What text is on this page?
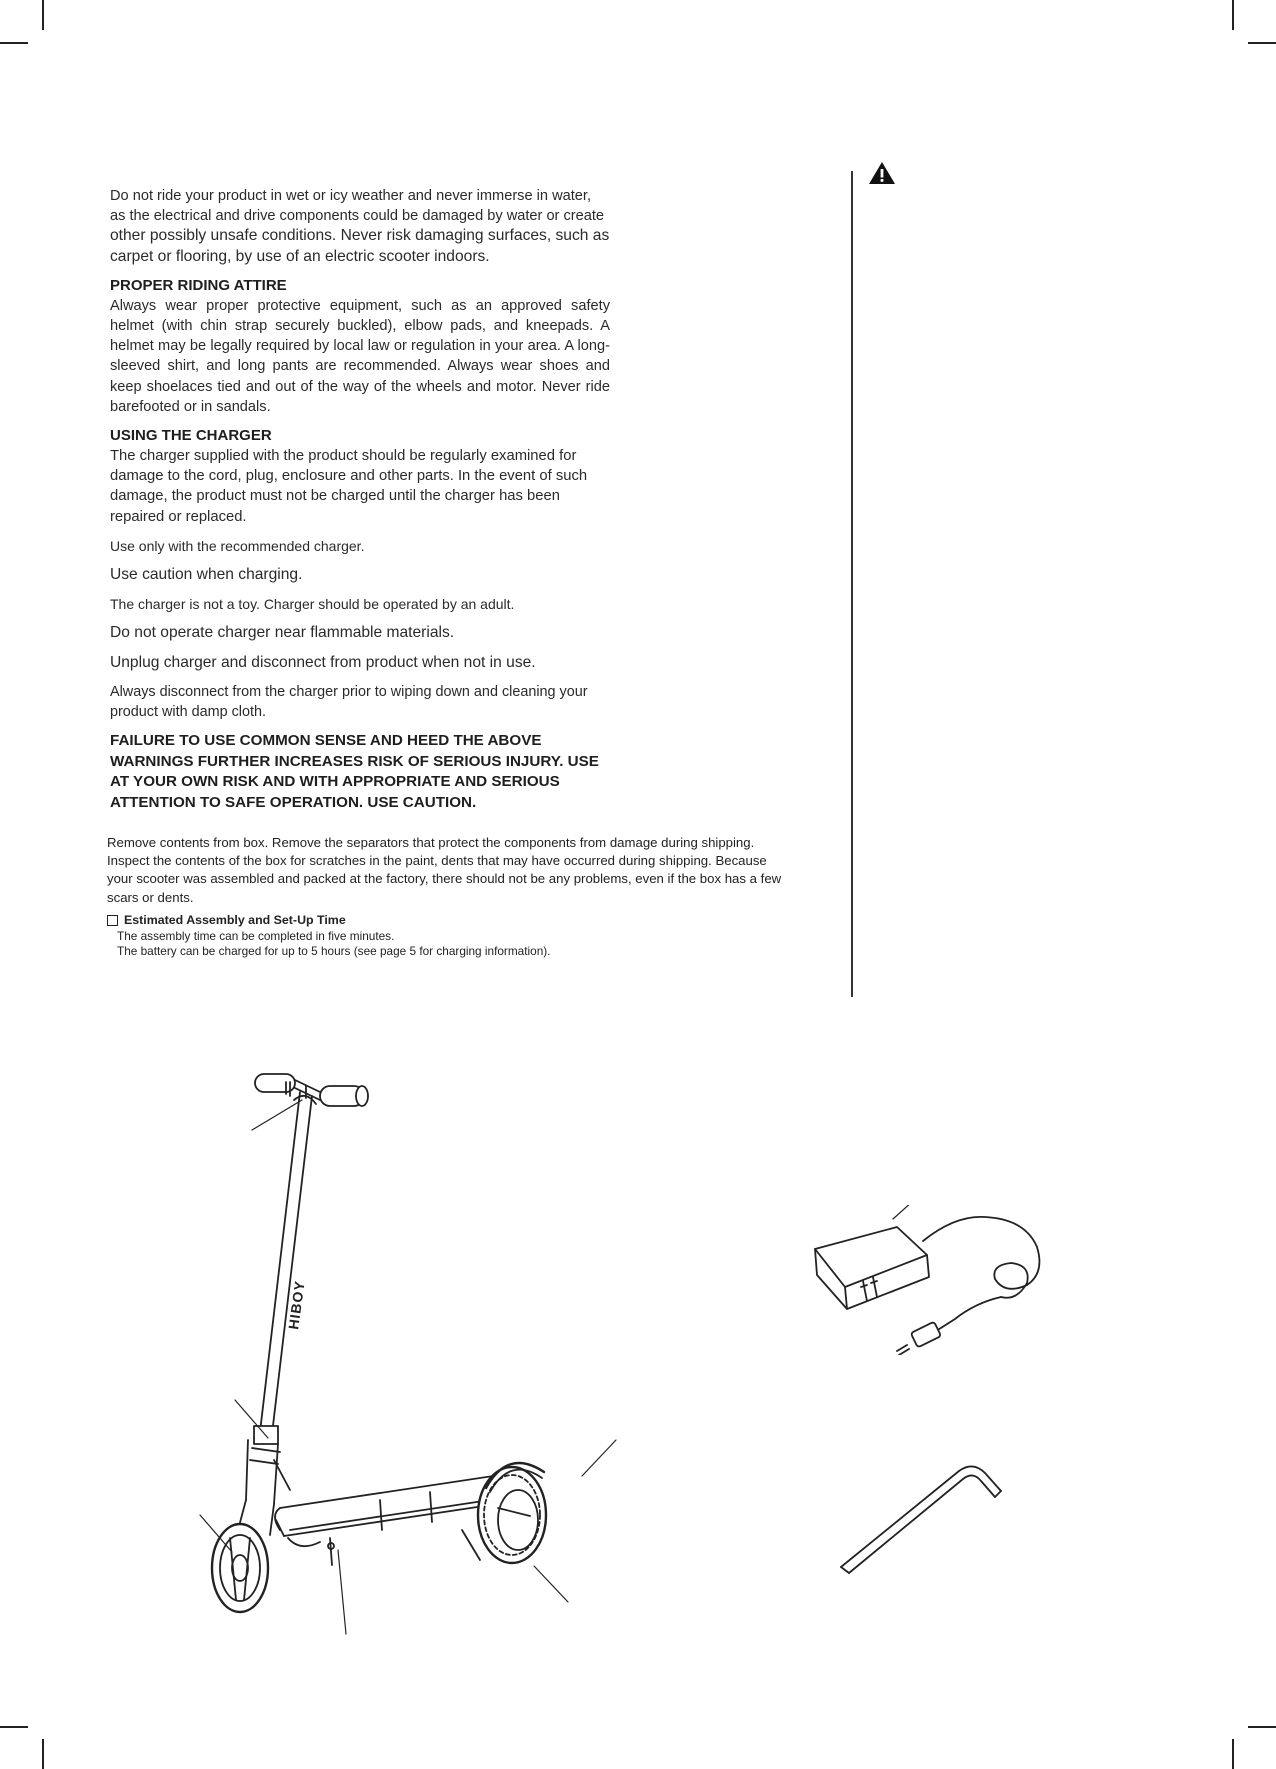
Do not ride your product in wet or icy weather and never immerse in water,
as the electrical and drive components could be damaged by water or create
other possibly unsafe conditions. Never risk damaging surfaces, such as
carpet or flooring, by use of an electric scooter indoors.

PROPER RIDING ATTIRE

Always wear proper protective equipment, such as an approved safety helmet (with chin strap securely buckled), elbow pads, and kneepads. A helmet may be legally required by local law or regulation in your area. A long-sleeved shirt, and long pants are recommended. Always wear shoes and keep shoelaces tied and out of the way of the wheels and motor. Never ride barefooted or in sandals.

USING THE CHARGER

The charger supplied with the product should be regularly examined for damage to the cord, plug, enclosure and other parts. In the event of such damage, the product must not be charged until the charger has been repaired or replaced.

Use only with the recommended charger.

Use caution when charging.

The charger is not a toy. Charger should be operated by an adult.

Do not operate charger near flammable materials.

Unplug charger and disconnect from product when not in use.

Always disconnect from the charger prior to wiping down and cleaning your product with damp cloth.

FAILURE TO USE COMMON SENSE AND HEED THE ABOVE
WARNINGS FURTHER INCREASES RISK OF SERIOUS INJURY. USE
AT YOUR OWN RISK AND WITH APPROPRIATE AND SERIOUS
ATTENTION TO SAFE OPERATION. USE CAUTION.

Remove contents from box. Remove the separators that protect the components from damage during shipping. Inspect the contents of the box for scratches in the paint, dents that may have occurred during shipping. Because your scooter was assembled and packed at the factory, there should not be any problems, even if the box has a few scars or dents.
Estimated Assembly and Set-Up Time
The assembly time can be completed in five minutes.
The battery can be charged for up to 5 hours (see page 5 for charging information).
HIBOY
